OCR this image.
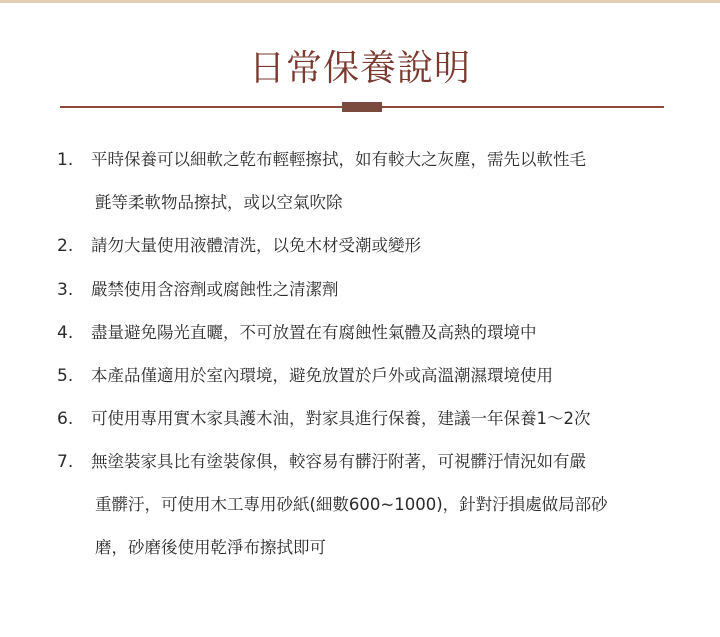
日常保養說明
1. 平時保養可以細軟之乾布輕輕擦拭，如有較大之灰塵，需先以軟性毛
氈等柔軟物品擦拭，或以空氣吹除
2. 請勿大量使用液體清洗，以免木材受潮或變形
3. 嚴禁使用含溶劑或腐蝕性之清潔劑
4. 盡量避免陽光直曬，不可放置在有腐蝕性氣體及高熱的環境中
5. 本產品僅適用於室內環境，避免放置於戶外或高溫潮濕環境使用
6. 可使用專用實木家具護木油，對家具進行保養，建議一年保養1～2次
7. 無塗裝家具比有塗裝傢俱，較容易有髒汙附著，可視髒汙情況如有嚴
重髒汙，可使用木工專用砂紙(細數600~1000)，針對汙損處做局部砂
磨，砂磨後使用乾淨布擦拭即可
